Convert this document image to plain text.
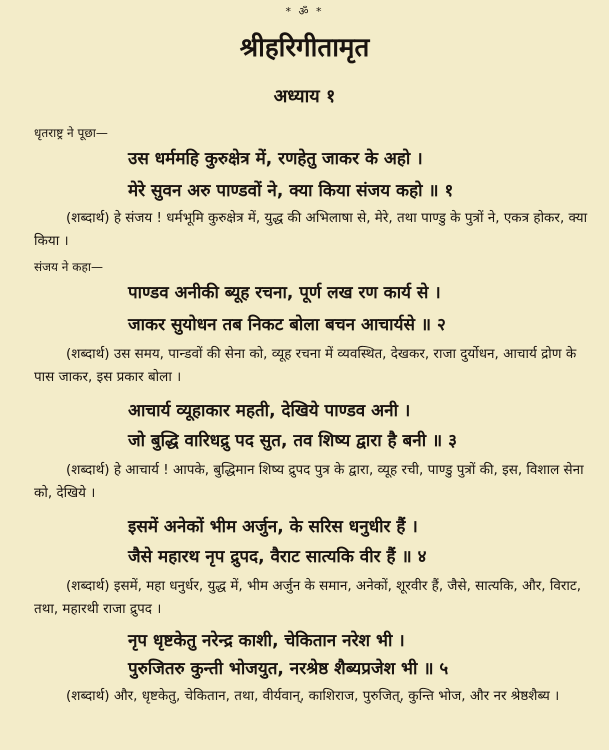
* ॐ *
श्रीहरिगीतामृत
अध्याय १
धृतराष्ट्र ने पूछा—
उस धर्ममहि कुरुक्षेत्र में, रणहेतु जाकर के अहो ।
मेरे सुवन अरु पाण्डवों ने, क्या किया संजय कहो ॥ १
(शब्दार्थ) हे संजय ! धर्मभूमि कुरुक्षेत्र में, युद्ध की अभिलाषा से, मेरे, तथा पाण्डु के पुत्रों ने, एकत्र होकर, क्या किया ।
संजय ने कहा—
पाण्डव अनीकी ब्यूह रचना, पूर्ण लख रण कार्य से ।
जाकर सुयोधन तब निकट बोला बचन आचार्यसे ॥ २
(शब्दार्थ) उस समय, पान्डवों की सेना को, व्यूह रचना में व्यवस्थित, देखकर, राजा दुर्योधन, आचार्य द्रोण के पास जाकर, इस प्रकार बोला ।
आचार्य व्यूहाकार महती, देखिये पाण्डव अनी ।
जो बुद्धि वारिधद्रु पद सुत, तव शिष्य द्वारा है बनी ॥ ३
(शब्दार्थ) हे आचार्य ! आपके, बुद्धिमान शिष्य द्रुपद पुत्र के द्वारा, व्यूह रची, पाण्डु पुत्रों की, इस, विशाल सेना को, देखिये ।
इसमें अनेकों भीम अर्जुन, के सरिस धनुधीर हैं ।
जैसे महारथ नृप द्रुपद, वैराट सात्यकि वीर हैं ॥ ४
(शब्दार्थ) इसमें, महा धनुर्धर, युद्ध में, भीम अर्जुन के समान, अनेकों, शूरवीर हैं, जैसे, सात्यकि, और, विराट, तथा, महारथी राजा द्रुपद ।
नृप धृष्टकेतु नरेन्द्र काशी, चेकितान नरेश भी ।
पुरुजितरु कुन्ती भोजयुत, नरश्रेष्ठ शैब्यप्रजेश भी ॥ ५
(शब्दार्थ) और, धृष्टकेतु, चेकितान, तथा, वीर्यवान्, काशिराज, पुरुजित्, कुन्ति भोज, और नर श्रेष्ठशैब्य ।
